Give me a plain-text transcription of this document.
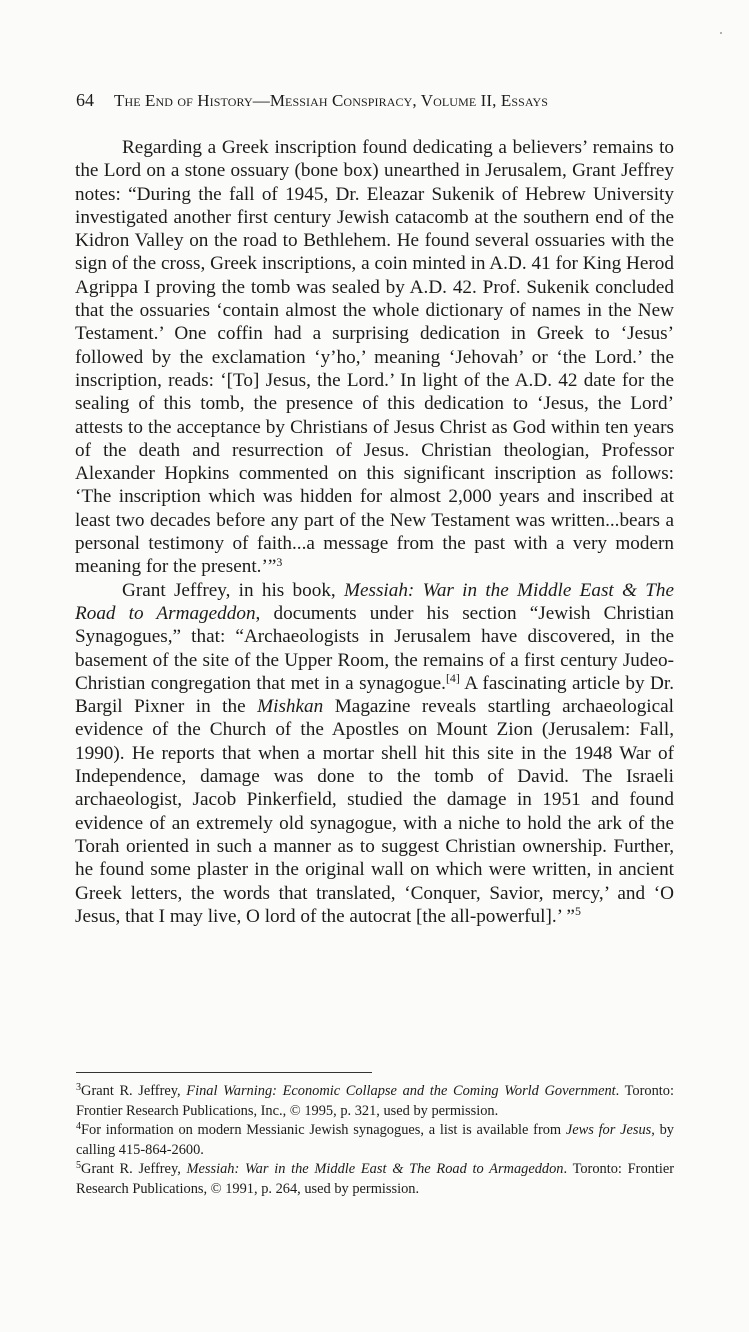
64 The End of History—Messiah Conspiracy, Volume II, Essays

Regarding a Greek inscription found dedicating a believers’ remains to the Lord on a stone ossuary (bone box) unearthed in Jerusalem, Grant Jeffrey notes: “During the fall of 1945, Dr. Eleazar Sukenik of Hebrew University investigated another first century Jewish catacomb at the southern end of the Kidron Valley on the road to Bethlehem. He found several ossuaries with the sign of the cross, Greek inscriptions, a coin minted in A.D. 41 for King Herod Agrippa I proving the tomb was sealed by A.D. 42. Prof. Sukenik concluded that the ossuaries ‘contain almost the whole dictionary of names in the New Testament.’ One coffin had a surprising dedication in Greek to ‘Jesus’ followed by the exclamation ‘y’ho,’ meaning ‘Jehovah’ or ‘the Lord.’ the inscription, reads: ‘[To] Jesus, the Lord.’ In light of the A.D. 42 date for the sealing of this tomb, the presence of this dedication to ‘Jesus, the Lord’ attests to the acceptance by Christians of Jesus Christ as God within ten years of the death and resurrection of Jesus. Christian theologian, Professor Alexander Hopkins commented on this significant inscription as follows: ‘The inscription which was hidden for almost 2,000 years and inscribed at least two decades before any part of the New Testament was written...bears a personal testimony of faith...a message from the past with a very modern meaning for the present.’”$^3$

Grant Jeffrey, in his book, Messiah: War in the Middle East & The Road to Armageddon, documents under his section “Jewish Christian Synagogues,” that: “Archaeologists in Jerusalem have discovered, in the basement of the site of the Upper Room, the remains of a first century Judeo-Christian congregation that met in a synagogue.[4] A fascinating article by Dr. Bargil Pixner in the Mishkan Magazine reveals startling archaeological evidence of the Church of the Apostles on Mount Zion (Jerusalem: Fall, 1990). He reports that when a mortar shell hit this site in the 1948 War of Independence, damage was done to the tomb of David. The Israeli archaeologist, Jacob Pinkerfield, studied the damage in 1951 and found evidence of an extremely old synagogue, with a niche to hold the ark of the Torah oriented in such a manner as to suggest Christian ownership. Further, he found some plaster in the original wall on which were written, in ancient Greek letters, the words that translated, ‘Conquer, Savior, mercy,’ and ‘O Jesus, that I may live, O lord of the autocrat [the all-powerful].’ ”$^5$

$^3$Grant R. Jeffrey, Final Warning: Economic Collapse and the Coming World Government. Toronto: Frontier Research Publications, Inc., © 1995, p. 321, used by permission.

$^4$For information on modern Messianic Jewish synagogues, a list is available from Jews for Jesus, by calling 415-864-2600.

$^5$Grant R. Jeffrey, Messiah: War in the Middle East & The Road to Armageddon. Toronto: Frontier Research Publications, © 1991, p. 264, used by permission.
